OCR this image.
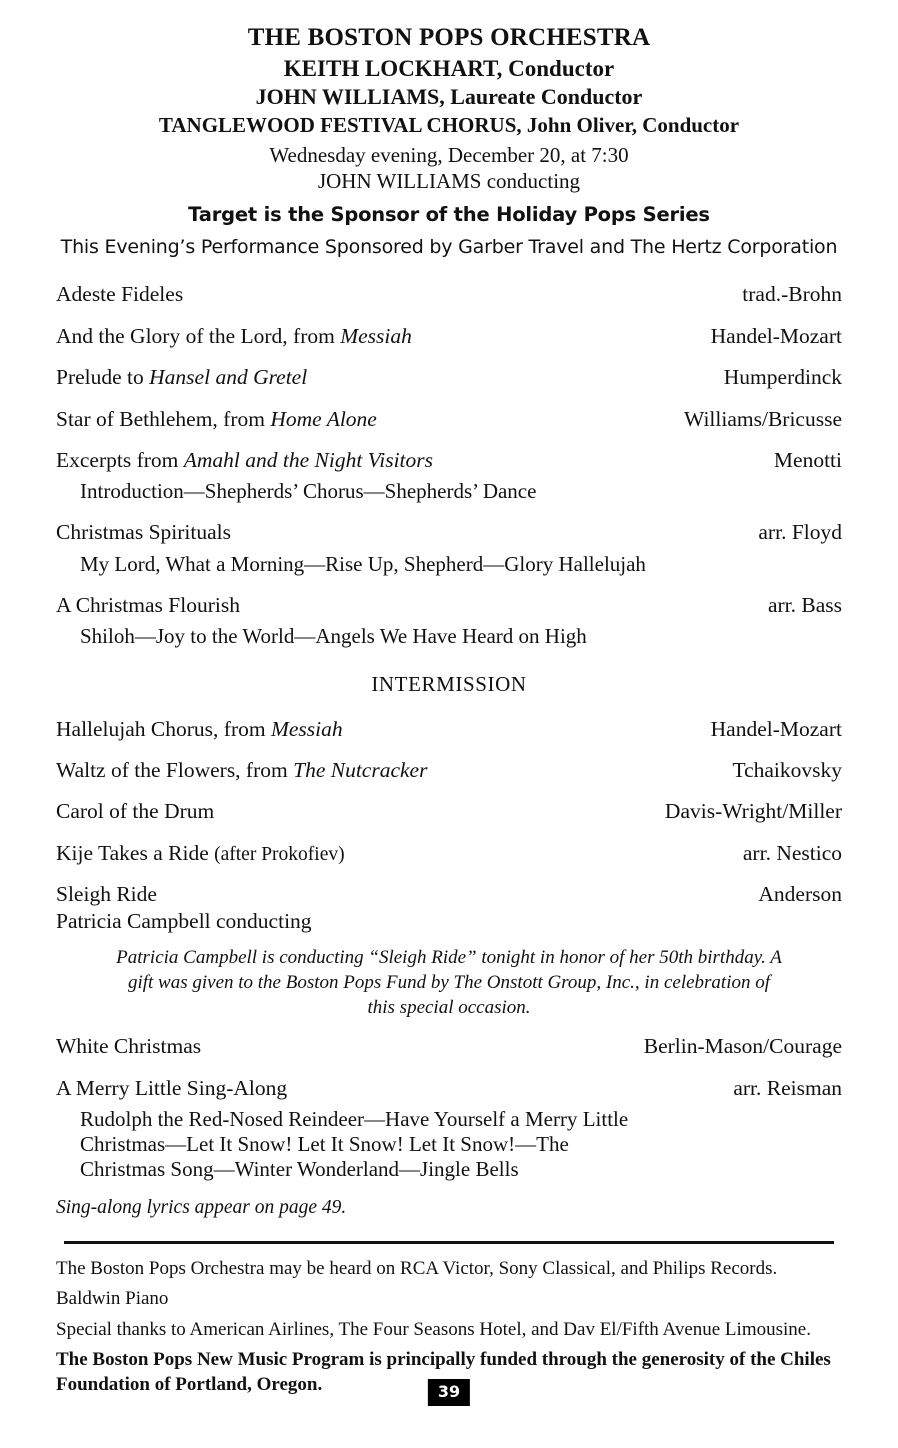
THE BOSTON POPS ORCHESTRA
KEITH LOCKHART, Conductor
JOHN WILLIAMS, Laureate Conductor
TANGLEWOOD FESTIVAL CHORUS, John Oliver, Conductor
Wednesday evening, December 20, at 7:30
JOHN WILLIAMS conducting
Target is the Sponsor of the Holiday Pops Series
This Evening’s Performance Sponsored by Garber Travel and The Hertz Corporation
Adeste Fideles	trad.-Brohn
And the Glory of the Lord, from Messiah	Handel-Mozart
Prelude to Hansel and Gretel	Humperdinck
Star of Bethlehem, from Home Alone	Williams/Bricusse
Excerpts from Amahl and the Night Visitors	Menotti
Introduction—Shepherds’ Chorus—Shepherds’ Dance
Christmas Spirituals	arr. Floyd
My Lord, What a Morning—Rise Up, Shepherd—Glory Hallelujah
A Christmas Flourish	arr. Bass
Shiloh—Joy to the World—Angels We Have Heard on High
INTERMISSION
Hallelujah Chorus, from Messiah	Handel-Mozart
Waltz of the Flowers, from The Nutcracker	Tchaikovsky
Carol of the Drum	Davis-Wright/Miller
Kije Takes a Ride (after Prokofiev)	arr. Nestico
Sleigh Ride	Anderson
Patricia Campbell conducting
Patricia Campbell is conducting “Sleigh Ride” tonight in honor of her 50th birthday. A gift was given to the Boston Pops Fund by The Onstott Group, Inc., in celebration of this special occasion.
White Christmas	Berlin-Mason/Courage
A Merry Little Sing-Along	arr. Reisman
Rudolph the Red-Nosed Reindeer—Have Yourself a Merry Little Christmas—Let It Snow! Let It Snow! Let It Snow!—The Christmas Song—Winter Wonderland—Jingle Bells
Sing-along lyrics appear on page 49.

The Boston Pops Orchestra may be heard on RCA Victor, Sony Classical, and Philips Records.

Baldwin Piano

Special thanks to American Airlines, The Four Seasons Hotel, and Dav El/Fifth Avenue Limousine.

The Boston Pops New Music Program is principally funded through the generosity of the Chiles Foundation of Portland, Oregon.	39
